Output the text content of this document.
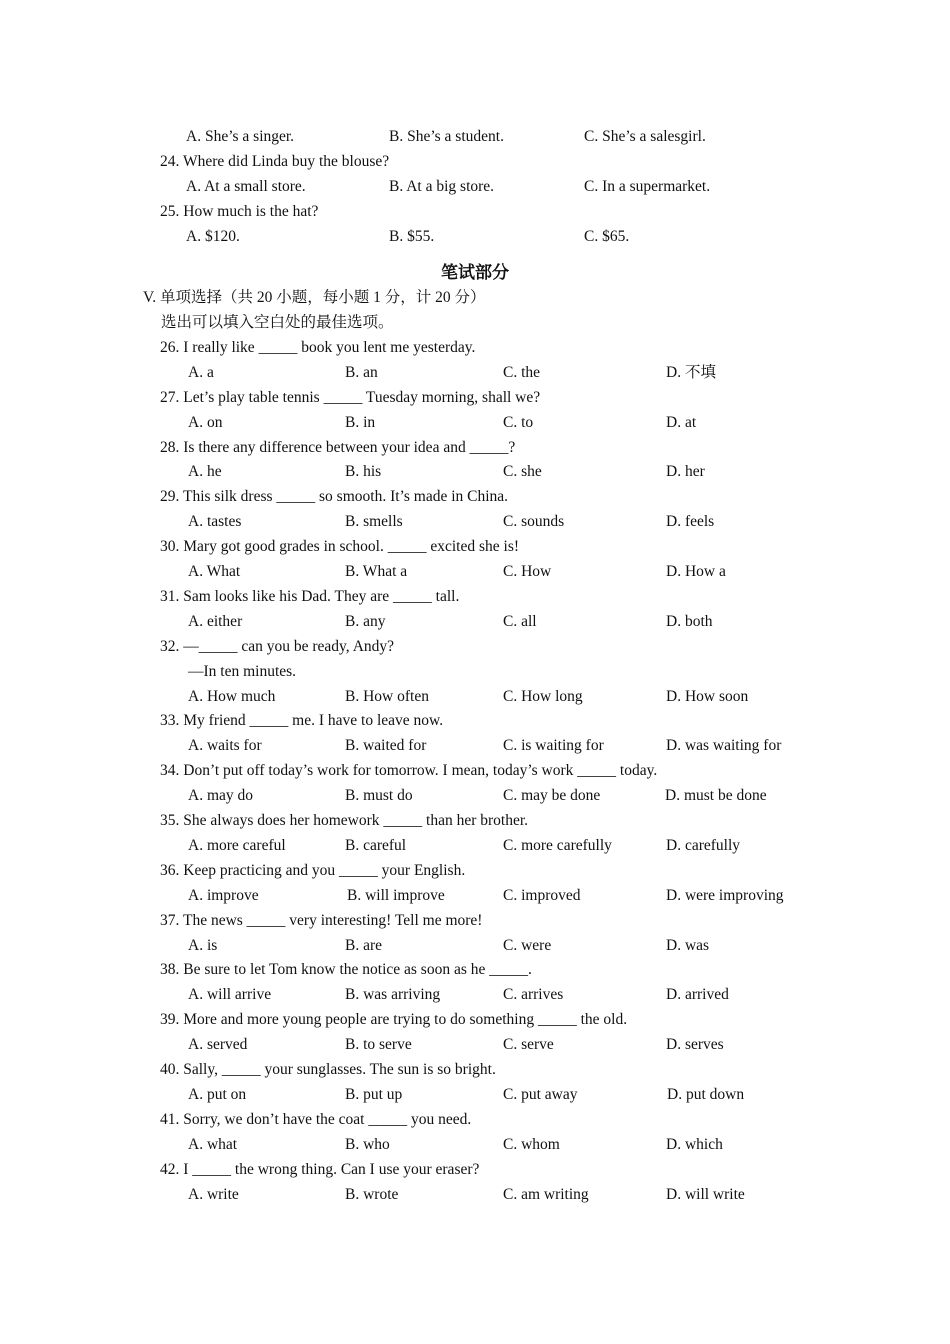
A. She’s a singer.	B. She’s a student.	C. She’s a salesgirl.
24. Where did Linda buy the blouse?
A. At a small store.	B. At a big store.	C. In a supermarket.
25. How much is the hat?
A. $120.	B. $55.	C. $65.
笔试部分
V. 单项选择（共 20 小题，每小题 1 分，计 20 分）
选出可以填入空白处的最佳选项。
26. I really like _____ book you lent me yesterday.
A. a	B. an	C. the	D. 不填
27. Let’s play table tennis _____ Tuesday morning, shall we?
A. on	B. in	C. to	D. at
28. Is there any difference between your idea and _____?
A. he	B. his	C. she	D. her
29. This silk dress _____ so smooth. It’s made in China.
A. tastes	B. smells	C. sounds	D. feels
30. Mary got good grades in school. _____ excited she is!
A. What	B. What a	C. How	D. How a
31. Sam looks like his Dad. They are _____ tall.
A. either	B. any	C. all	D. both
32. —_____ can you be ready, Andy?
—In ten minutes.
A. How much	B. How often	C. How long	D. How soon
33. My friend _____ me. I have to leave now.
A. waits for	B. waited for	C. is waiting for	D. was waiting for
34. Don’t put off today’s work for tomorrow. I mean, today’s work _____ today.
A. may do	B. must do	C. may be done	D. must be done
35. She always does her homework _____ than her brother.
A. more careful	B. careful	C. more carefully	D. carefully
36. Keep practicing and you _____ your English.
A. improve	B. will improve	C. improved	D. were improving
37. The news _____ very interesting! Tell me more!
A. is	B. are	C. were	D. was
38. Be sure to let Tom know the notice as soon as he _____.
A. will arrive	B. was arriving	C. arrives	D. arrived
39. More and more young people are trying to do something _____ the old.
A. served	B. to serve	C. serve	D. serves
40. Sally, _____ your sunglasses. The sun is so bright.
A. put on	B. put up	C. put away	D. put down
41. Sorry, we don’t have the coat _____ you need.
A. what	B. who	C. whom	D. which
42. I _____ the wrong thing. Can I use your eraser?
A. write	B. wrote	C. am writing	D. will write
